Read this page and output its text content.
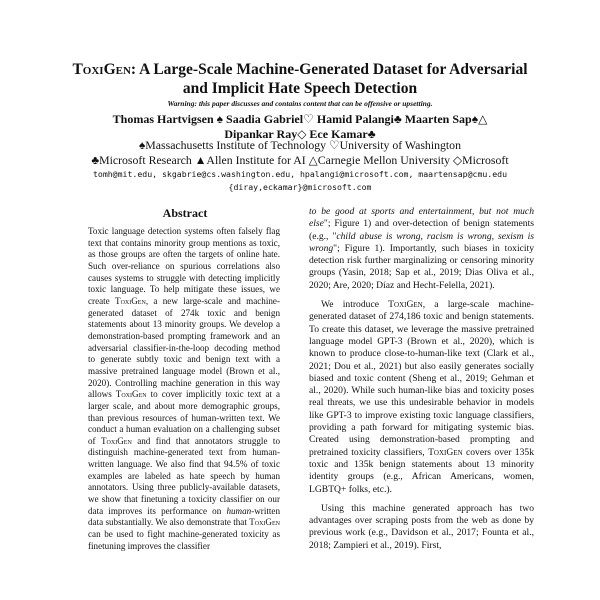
ToxiGen: A Large-Scale Machine-Generated Dataset for Adversarial
and Implicit Hate Speech Detection
Warning: this paper discusses and contains content that can be offensive or upsetting.
Thomas Hartvigsen ♠ Saadia Gabriel♡ Hamid Palangi♣ Maarten Sap♠△
Dipankar Ray◇ Ece Kamar♣
♠Massachusetts Institute of Technology ♡University of Washington
♣Microsoft Research ▲Allen Institute for AI △Carnegie Mellon University ◇Microsoft
tomh@mit.edu, skgabrie@cs.washington.edu, hpalangi@microsoft.com, maartensap@cmu.edu
{diray,eckamar}@microsoft.com
Abstract
Toxic language detection systems often falsely flag text that contains minority group mentions as toxic, as those groups are often the targets of online hate. Such over-reliance on spurious correlations also causes systems to struggle with detecting implicitly toxic language. To help mitigate these issues, we create ToxiGen, a new large-scale and machine-generated dataset of 274k toxic and benign statements about 13 minority groups. We develop a demonstration-based prompting framework and an adversarial classifier-in-the-loop decoding method to generate subtly toxic and benign text with a massive pretrained language model (Brown et al., 2020). Controlling machine generation in this way allows ToxiGen to cover implicitly toxic text at a larger scale, and about more demographic groups, than previous resources of human-written text. We conduct a human evaluation on a challenging subset of ToxiGen and find that annotators struggle to distinguish machine-generated text from human-written language. We also find that 94.5% of toxic examples are labeled as hate speech by human annotators. Using three publicly-available datasets, we show that finetuning a toxicity classifier on our data improves its performance on human-written data substantially. We also demonstrate that ToxiGen can be used to fight machine-generated toxicity as finetuning improves the classifier

to be good at sports and entertainment, but not much else"; Figure 1) and over-detection of benign statements (e.g., "child abuse is wrong, racism is wrong, sexism is wrong"; Figure 1). Importantly, such biases in toxicity detection risk further marginalizing or censoring minority groups (Yasin, 2018; Sap et al., 2019; Dias Oliva et al., 2020; Are, 2020; Díaz and Hecht-Felella, 2021).

We introduce ToxiGen, a large-scale machine-generated dataset of 274,186 toxic and benign statements. To create this dataset, we leverage the massive pretrained language model GPT-3 (Brown et al., 2020), which is known to produce close-to-human-like text (Clark et al., 2021; Dou et al., 2021) but also easily generates socially biased and toxic content (Sheng et al., 2019; Gehman et al., 2020). While such human-like bias and toxicity poses real threats, we use this undesirable behavior in models like GPT-3 to improve existing toxic language classifiers, providing a path forward for mitigating systemic bias. Created using demonstration-based prompting and pretrained toxicity classifiers, ToxiGen covers over 135k toxic and 135k benign statements about 13 minority identity groups (e.g., African Americans, women, LGBTQ+ folks, etc.).

Using this machine generated approach has two advantages over scraping posts from the web as done by previous work (e.g., Davidson et al., 2017; Founta et al., 2018; Zampieri et al., 2019). First,
